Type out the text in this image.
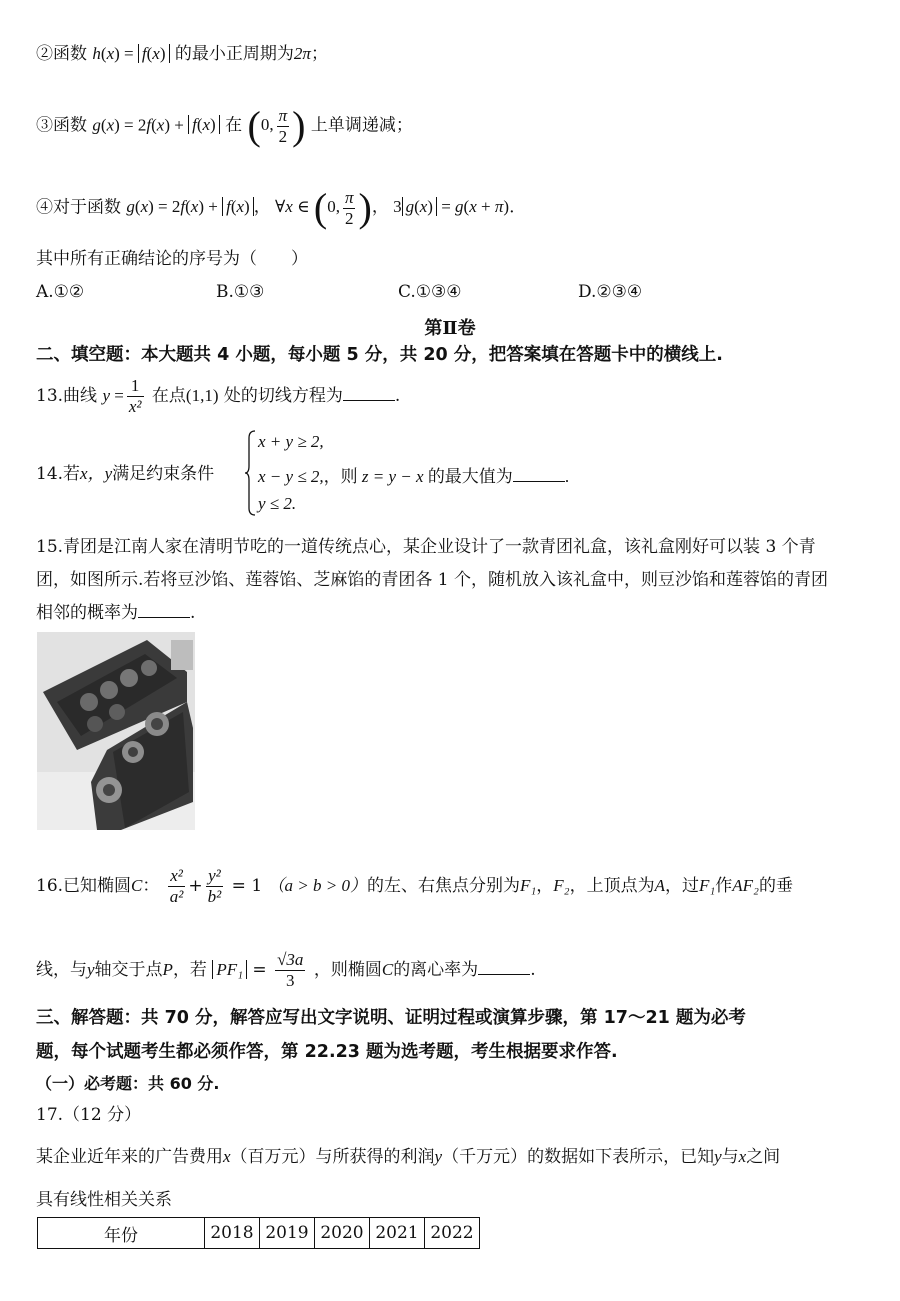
②函数 h(x) = f(x) 的最小正周期为2π；
③函数 g(x) = 2f(x) + f(x) 在 (0, $\frac{\pi}{2}$ ) 上单调递减；
④对于函数 g(x) = 2f(x) + f(x) ， ∀x ∈ (0, $\frac{\pi}{2}$ )， 3 g(x) = g(x + π).
其中所有正确结论的序号为（　　）
A.①②	B.①③	C.①③④	D.②③④
第Ⅱ卷
二、填空题：本大题共 4 小题，每小题 5 分，共 20 分，把答案填在答题卡中的横线上.
13.曲线 $y = \frac{1}{\text{x²}}$ 在点(1,1) 处的切线方程为	.
14.若x，y满足约束条件
x + y ≥ 2,
x − y ≤ 2,，则 z = y − x 的最大值为	.
y ≤ 2.
15.青团是江南人家在清明节吃的一道传统点心，某企业设计了一款青团礼盒，该礼盒刚好可以装 3 个青
团，如图所示.若将豆沙馅、莲蓉馅、芝麻馅的青团各 1 个，随机放入该礼盒中，则豆沙馅和莲蓉馅的青团
相邻的概率为	.
16.已知椭圆C： $\frac{\text{x²}}{\text{a²}} + \frac{\text{y²}}{\text{b²}} = 1$ （a > b > 0）的左、右焦点分别为F₁，F₂，上顶点为A，过F₁作AF₂的垂
线，与y轴交于点P，若 $PF_1 = \frac{√3a}{3}$ ，则椭圆C的离心率为	.
三、解答题：共 70 分，解答应写出文字说明、证明过程或演算步骤，第 17～21 题为必考
题，每个试题考生都必须作答，第 22.23 题为选考题，考生根据要求作答.
（一）必考题：共 60 分.
17.（12 分）
某企业近年来的广告费用x（百万元）与所获得的利润y（千万元）的数据如下表所示，已知y与x之间
具有线性相关关系
年份	2018	2019	2020	2021	2022
